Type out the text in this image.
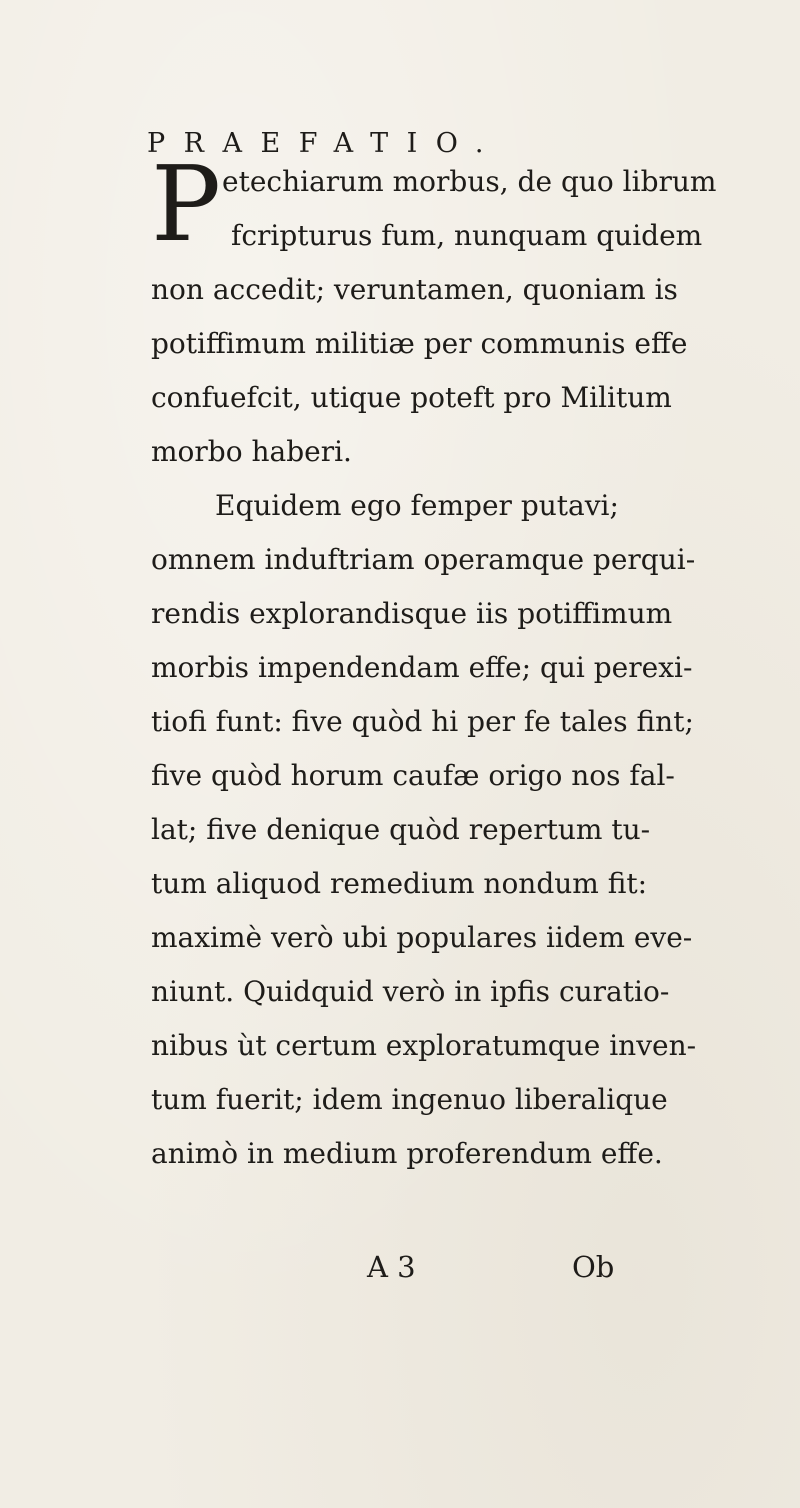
PRAEFATIO.
P etechiarum morbus, de quo librum
fcripturus fum, nunquam quidem
non accedit; veruntamen, quoniam is
potiffimum militiæ per communis effe
confuefcit, utique poteft pro Militum
morbo haberi.
Equidem ego femper putavi;
omnem induftriam operamque perqui-
rendis explorandisque iis potiffimum
morbis impendendam effe; qui perexi-
tiofi funt: five quòd hi per fe tales fint;
five quòd horum caufæ origo nos fal-
lat; five denique quòd repertum tu-
tum aliquod remedium nondum fit:
maximè verò ubi populares iidem eve-
niunt. Quidquid verò in ipfis curatio-
nibus ùt certum exploratumque inven-
tum fuerit; idem ingenuo liberalique
animò in medium proferendum effe.
A 3	Ob
